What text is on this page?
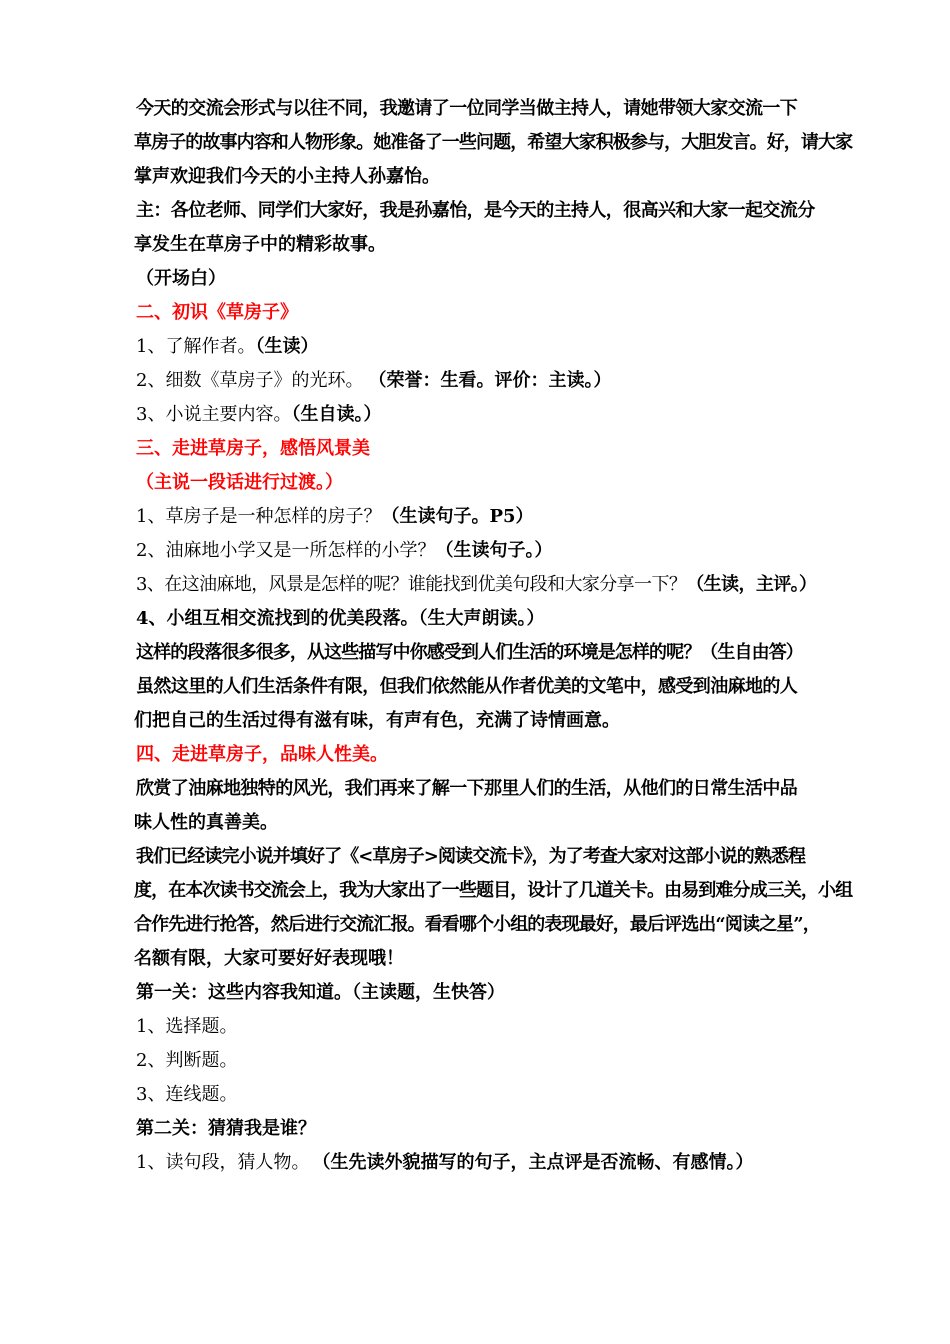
今天的交流会形式与以往不同，我邀请了一位同学当做主持人，请她带领大家交流一下
草房子的故事内容和人物形象。她准备了一些问题，希望大家积极参与，大胆发言。好，请大家
掌声欢迎我们今天的小主持人孙嘉怡。
主：各位老师、同学们大家好，我是孙嘉怡，是今天的主持人，很高兴和大家一起交流分
享发生在草房子中的精彩故事。
（开场白）
二、初识《草房子》
1、了解作者。（生读）
2、细数《草房子》的光环。 （荣誉：生看。评价：主读。）
3、小说主要内容。（生自读。）
三、走进草房子，感悟风景美
（主说一段话进行过渡。）
1、草房子是一种怎样的房子？（生读句子。P5）
2、油麻地小学又是一所怎样的小学？（生读句子。）
3、在这油麻地，风景是怎样的呢？谁能找到优美句段和大家分享一下？（生读，主评。）
4、小组互相交流找到的优美段落。（生大声朗读。）
这样的段落很多很多，从这些描写中你感受到人们生活的环境是怎样的呢？（生自由答）
虽然这里的人们生活条件有限，但我们依然能从作者优美的文笔中，感受到油麻地的人
们把自己的生活过得有滋有味，有声有色，充满了诗情画意。
四、走进草房子，品味人性美。
欣赏了油麻地独特的风光，我们再来了解一下那里人们的生活，从他们的日常生活中品
味人性的真善美。
我们已经读完小说并填好了《<草房子>阅读交流卡》，为了考查大家对这部小说的熟悉程
度，在本次读书交流会上，我为大家出了一些题目，设计了几道关卡。由易到难分成三关，小组
合作先进行抢答，然后进行交流汇报。看看哪个小组的表现最好，最后评选出“阅读之星”，
名额有限，大家可要好好表现哦！
第一关：这些内容我知道。（主读题，生快答）
1、选择题。
2、判断题。
3、连线题。
第二关：猜猜我是谁？
1、读句段，猜人物。 （生先读外貌描写的句子，主点评是否流畅、有感情。）
